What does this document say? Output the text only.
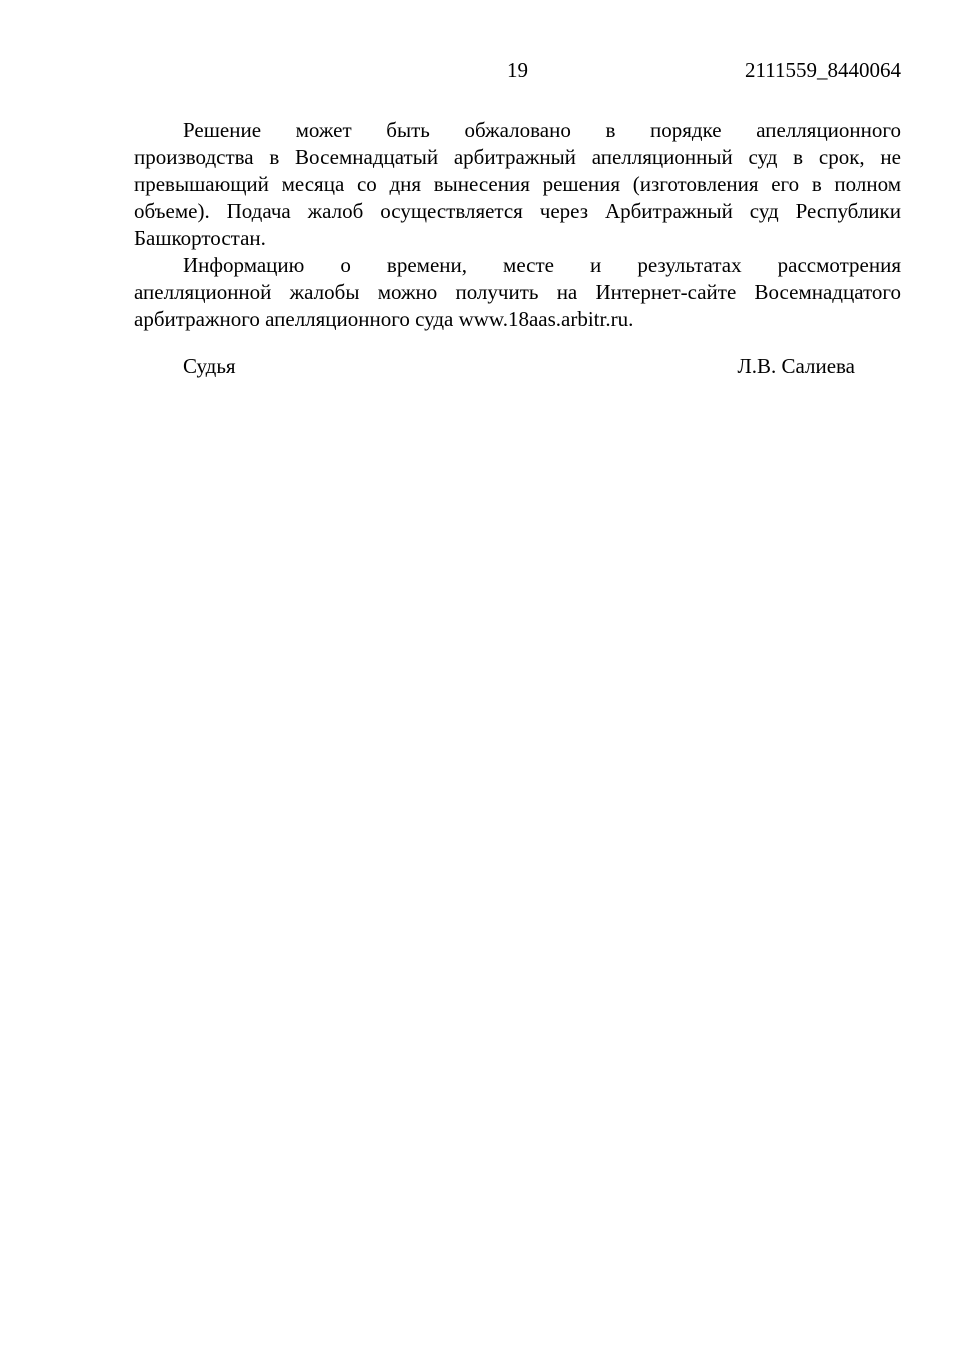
19	2111559_8440064
Решение может быть обжаловано в порядке апелляционного
производства в Восемнадцатый арбитражный апелляционный суд в срок, не
превышающий месяца со дня вынесения решения (изготовления его в полном
объеме). Подача жалоб осуществляется через Арбитражный суд Республики
Башкортостан.
Информацию о времени, месте и результатах рассмотрения
апелляционной жалобы можно получить на Интернет-сайте Восемнадцатого
арбитражного апелляционного суда www.18aas.arbitr.ru.
Судья	Л.В. Салиева
